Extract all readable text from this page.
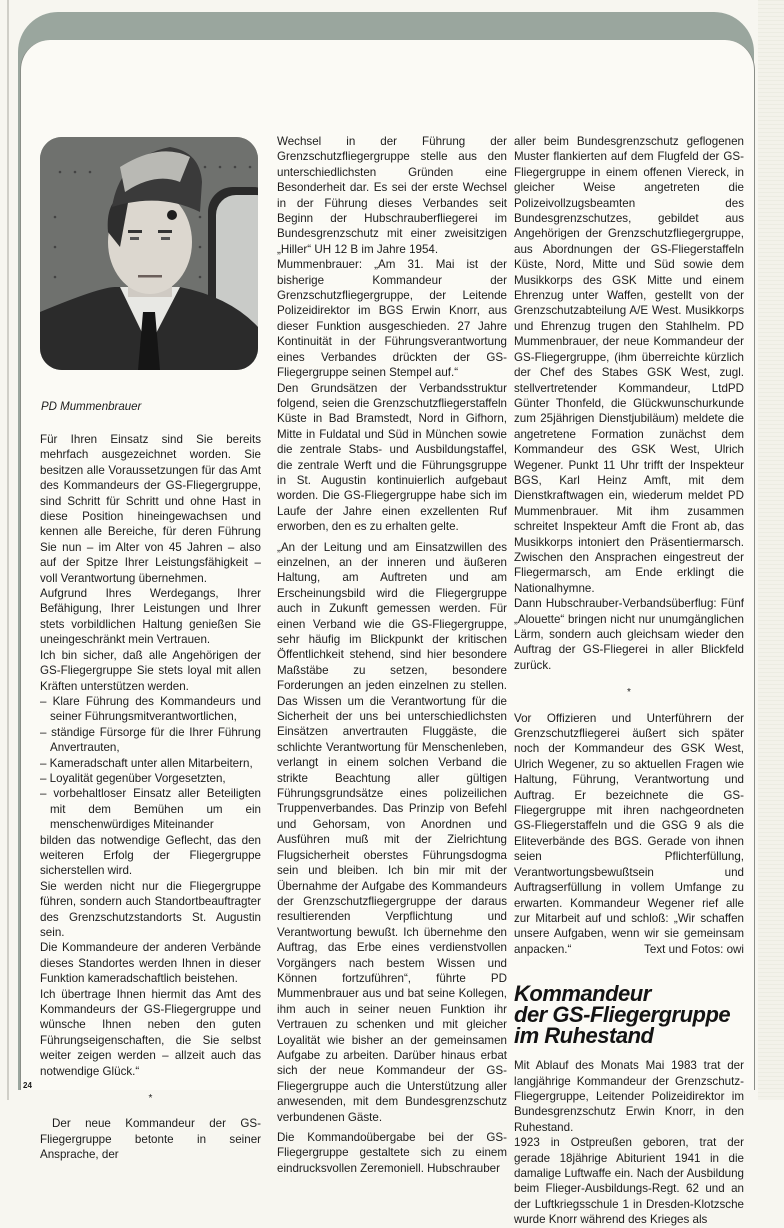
PD Mummenbrauer

Für Ihren Einsatz sind Sie bereits mehrfach ausgezeichnet worden. Sie besitzen alle Voraussetzungen für das Amt des Kommandeurs der GS-Fliegergruppe, sind Schritt für Schritt und ohne Hast in diese Position hineingewachsen und kennen alle Bereiche, für deren Führung Sie nun – im Alter von 45 Jahren – also auf der Spitze Ihrer Leistungsfähigkeit – voll Verantwortung übernehmen.

Aufgrund Ihres Werdegangs, Ihrer Befähigung, Ihrer Leistungen und Ihrer stets vorbildlichen Haltung genießen Sie uneingeschränkt mein Vertrauen.

Ich bin sicher, daß alle Angehörigen der GS-Fliegergruppe Sie stets loyal mit allen Kräften unterstützen werden.

– Klare Führung des Kommandeurs und seiner Führungsmitverantwortlichen,
– ständige Fürsorge für die Ihrer Führung Anvertrauten,
– Kameradschaft unter allen Mitarbeitern,
– Loyalität gegenüber Vorgesetzten,
– vorbehaltloser Einsatz aller Beteiligten mit dem Bemühen um ein menschenwürdiges Miteinander

bilden das notwendige Geflecht, das den weiteren Erfolg der Fliegergruppe sicherstellen wird.

Sie werden nicht nur die Fliegergruppe führen, sondern auch Standortbeauftragter des Grenzschutzstandorts St. Augustin sein.

Die Kommandeure der anderen Verbände dieses Standortes werden Ihnen in dieser Funktion kameradschaftlich beistehen.

Ich übertrage Ihnen hiermit das Amt des Kommandeurs der GS-Fliegergruppe und wünsche Ihnen neben den guten Führungseigenschaften, die Sie selbst weiter zeigen werden – allzeit auch das notwendige Glück.“

*

Der neue Kommandeur der GS-Fliegergruppe betonte in seiner Ansprache, der

24

Wechsel in der Führung der Grenzschutzfliegergruppe stelle aus den unterschiedlichsten Gründen eine Besonderheit dar. Es sei der erste Wechsel in der Führung dieses Verbandes seit Beginn der Hubschrauberfliegerei im Bundesgrenzschutz mit einer zweisitzigen „Hiller“ UH 12 B im Jahre 1954.

Mummenbrauer: „Am 31. Mai ist der bisherige Kommandeur der Grenzschutzfliegergruppe, der Leitende Polizeidirektor im BGS Erwin Knorr, aus dieser Funktion ausgeschieden. 27 Jahre Kontinuität in der Führungsverantwortung eines Verbandes drückten der GS-Fliegergruppe seinen Stempel auf.“

Den Grundsätzen der Verbandsstruktur folgend, seien die Grenzschutzfliegerstaffeln Küste in Bad Bramstedt, Nord in Gifhorn, Mitte in Fuldatal und Süd in München sowie die zentrale Stabs- und Ausbildungstaffel, die zentrale Werft und die Führungsgruppe in St. Augustin kontinuierlich aufgebaut worden. Die GS-Fliegergruppe habe sich im Laufe der Jahre einen exzellenten Ruf erworben, den es zu erhalten gelte.

„An der Leitung und am Einsatzwillen des einzelnen, an der inneren und äußeren Haltung, am Auftreten und am Erscheinungsbild wird die Fliegergruppe auch in Zukunft gemessen werden. Für einen Verband wie die GS-Fliegergruppe, sehr häufig im Blickpunkt der kritischen Öffentlichkeit stehend, sind hier besondere Maßstäbe zu setzen, besondere Forderungen an jeden einzelnen zu stellen. Das Wissen um die Verantwortung für die Sicherheit der uns bei unterschiedlichsten Einsätzen anvertrauten Fluggäste, die schlichte Verantwortung für Menschenleben, verlangt in einem solchen Verband die strikte Beachtung aller gültigen Führungsgrundsätze eines polizeilichen Truppenverbandes. Das Prinzip von Befehl und Gehorsam, von Anordnen und Ausführen muß mit der Zielrichtung Flugsicherheit oberstes Führungsdogma sein und bleiben. Ich bin mir mit der Übernahme der Aufgabe des Kommandeurs der Grenzschutzfliegergruppe der daraus resultierenden Verpflichtung und Verantwortung bewußt. Ich übernehme den Auftrag, das Erbe eines verdienstvollen Vorgängers nach bestem Wissen und Können fortzuführen“, führte PD Mummenbrauer aus und bat seine Kollegen, ihm auch in seiner neuen Funktion ihr Vertrauen zu schenken und mit gleicher Loyalität wie bisher an der gemeinsamen Aufgabe zu arbeiten. Darüber hinaus erbat sich der neue Kommandeur der GS-Fliegergruppe auch die Unterstützung aller anwesenden, mit dem Bundesgrenzschutz verbundenen Gäste.

Die Kommandoübergabe bei der GS-Fliegergruppe gestaltete sich zu einem eindrucksvollen Zeremoniell. Hubschrauber

aller beim Bundesgrenzschutz geflogenen Muster flankierten auf dem Flugfeld der GS-Fliegergruppe in einem offenen Viereck, in gleicher Weise angetreten die Polizeivollzugsbeamten des Bundesgrenzschutzes, gebildet aus Angehörigen der Grenzschutzfliegergruppe, aus Abordnungen der GS-Fliegerstaffeln Küste, Nord, Mitte und Süd sowie dem Musikkorps des GSK Mitte und einem Ehrenzug unter Waffen, gestellt von der Grenzschutzabteilung A/E West. Musikkorps und Ehrenzug trugen den Stahlhelm. PD Mummenbrauer, der neue Kommandeur der GS-Fliegergruppe, (ihm überreichte kürzlich der Chef des Stabes GSK West, zugl. stellvertretender Kommandeur, LtdPD Günter Thonfeld, die Glückwunschurkunde zum 25jährigen Dienstjubiläum) meldete die angetretene Formation zunächst dem Kommandeur des GSK West, Ulrich Wegener. Punkt 11 Uhr trifft der Inspekteur BGS, Karl Heinz Amft, mit dem Dienstkraftwagen ein, wiederum meldet PD Mummenbrauer. Mit ihm zusammen schreitet Inspekteur Amft die Front ab, das Musikkorps intoniert den Präsentiermarsch. Zwischen den Ansprachen eingestreut der Fliegermarsch, am Ende erklingt die Nationalhymne.

Dann Hubschrauber-Verbandsüberflug: Fünf „Alouette“ bringen nicht nur unumgänglichen Lärm, sondern auch gleichsam wieder den Auftrag der GS-Fliegerei in aller Blickfeld zurück.

*

Vor Offizieren und Unterführern der Grenzschutzfliegerei äußert sich später noch der Kommandeur des GSK West, Ulrich Wegener, zu so aktuellen Fragen wie Haltung, Führung, Verantwortung und Auftrag. Er bezeichnete die GS-Fliegergruppe mit ihren nachgeordneten GS-Fliegerstaffeln und die GSG 9 als die Eliteverbände des BGS. Gerade von ihnen seien Pflichterfüllung, Verantwortungsbewußtsein und Auftragserfüllung in vollem Umfange zu erwarten. Kommandeur Wegener rief alle zur Mitarbeit auf und schloß: „Wir schaffen unsere Aufgaben, wenn wir sie gemeinsam anpacken.“	Text und Fotos: owi

Kommandeur
der GS-Fliegergruppe
im Ruhestand

Mit Ablauf des Monats Mai 1983 trat der langjährige Kommandeur der Grenzschutz-Fliegergruppe, Leitender Polizeidirektor im Bundesgrenzschutz Erwin Knorr, in den Ruhestand.

1923 in Ostpreußen geboren, trat der gerade 18jährige Abiturient 1941 in die damalige Luftwaffe ein. Nach der Ausbildung beim Flieger-Ausbildungs-Regt. 62 und an der Luftkriegsschule 1 in Dresden-Klotzsche wurde Knorr während des Krieges als
